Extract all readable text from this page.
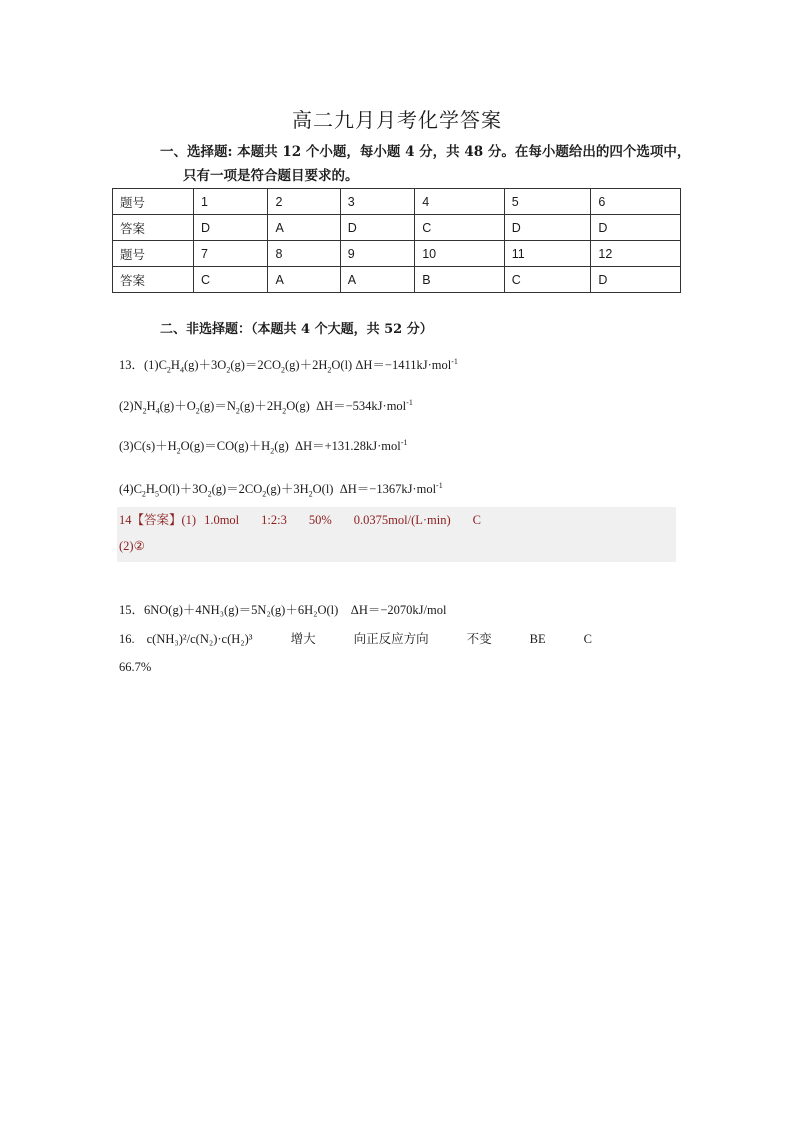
高二九月月考化学答案
一、选择题: 本题共 12 个小题，每小题 4 分，共 48 分。在每小题给出的四个选项中，
只有一项是符合题目要求的。
题号	1	2	3	4	5	6
答案	D	A	D	C	D	D
题号	7	8	9	10	11	12
答案	C	A	A	B	C	D
二、非选择题：（本题共 4 个大题，共 52 分）
13．$(1)C_2H_4(g)+3O_2(g)=2CO_2(g)+2H_2O(l)$ ΔH＝−1411kJ·mol$^{-1}$
$(2)N_2H_4(g)+O_2(g)=N_2(g)+2H_2O(g)$  ΔH＝−534kJ·mol$^{-1}$
$(3)C(s)+H_2O(g)=CO(g)+H_2(g)$  ΔH＝+131.28kJ·mol$^{-1}$
$(4)C_2H_5O(l)+3O_2(g)=2CO_2(g)+3H_2O(l)$  ΔH＝−1367kJ·mol$^{-1}$
14【答案】(1) 1.0mol 1:2:3 50% 0.0375mol/(L·min) C
(2)②
15．6NO(g)＋4NH₃(g)＝5N₂(g)＋6H₂O(l)　ΔH＝−2070kJ/mol
16. c(NH₃)²/c(N₂)·c(H₂)³	增大	向正反应方向	不变	BE	C
66.7%
